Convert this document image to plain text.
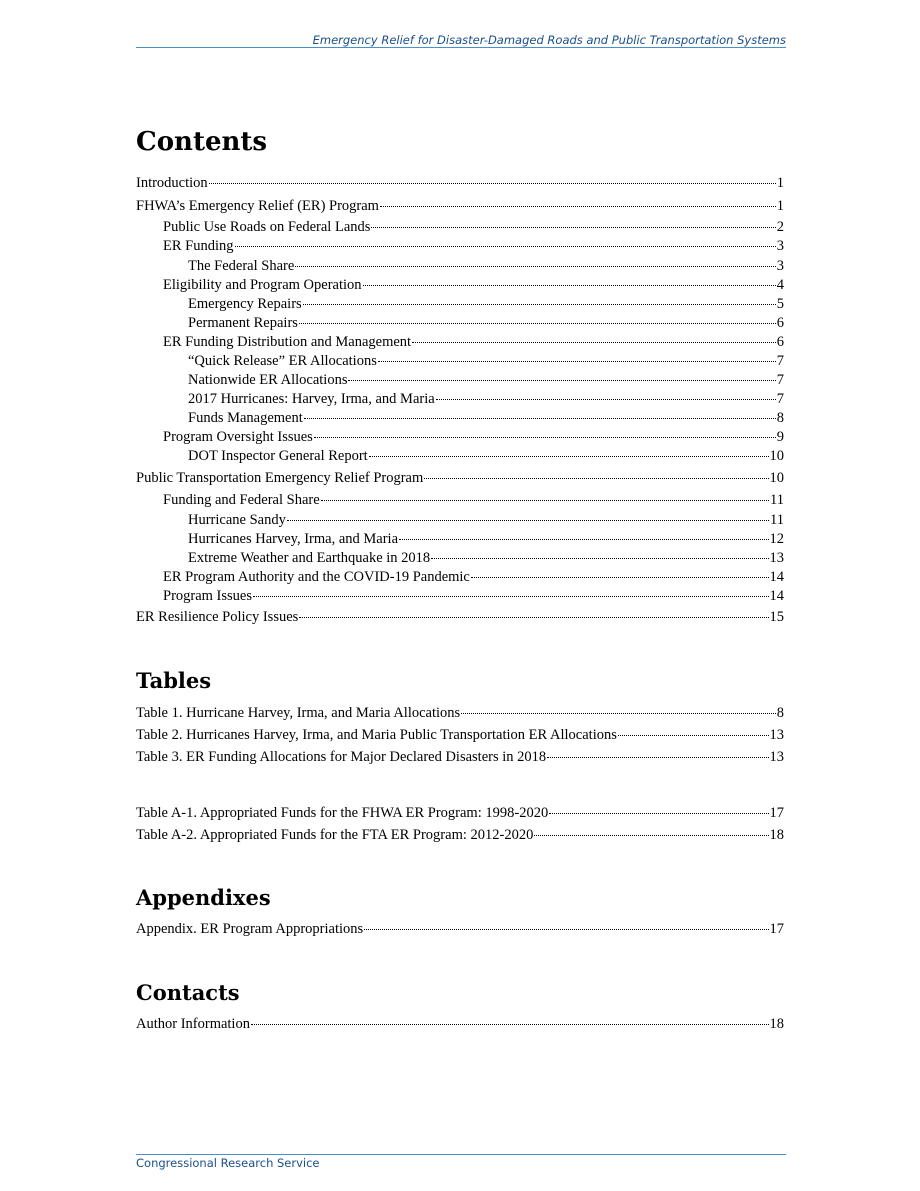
Emergency Relief for Disaster-Damaged Roads and Public Transportation Systems
Contents
Introduction	1
FHWA’s Emergency Relief (ER) Program	1
Public Use Roads on Federal Lands	2
ER Funding	3
The Federal Share	3
Eligibility and Program Operation	4
Emergency Repairs	5
Permanent Repairs	6
ER Funding Distribution and Management	6
“Quick Release” ER Allocations	7
Nationwide ER Allocations	7
2017 Hurricanes: Harvey, Irma, and Maria	7
Funds Management	8
Program Oversight Issues	9
DOT Inspector General Report	10
Public Transportation Emergency Relief Program	10
Funding and Federal Share	11
Hurricane Sandy	11
Hurricanes Harvey, Irma, and Maria	12
Extreme Weather and Earthquake in 2018	13
ER Program Authority and the COVID-19 Pandemic	14
Program Issues	14
ER Resilience Policy Issues	15
Tables
Table 1. Hurricane Harvey, Irma, and Maria Allocations	8
Table 2. Hurricanes Harvey, Irma, and Maria Public Transportation ER Allocations	13
Table 3. ER Funding Allocations for Major Declared Disasters in 2018	13
Table A-1. Appropriated Funds for the FHWA ER Program: 1998-2020	17
Table A-2. Appropriated Funds for the FTA ER Program: 2012-2020	18
Appendixes
Appendix. ER Program Appropriations	17
Contacts
Author Information	18
Congressional Research Service
